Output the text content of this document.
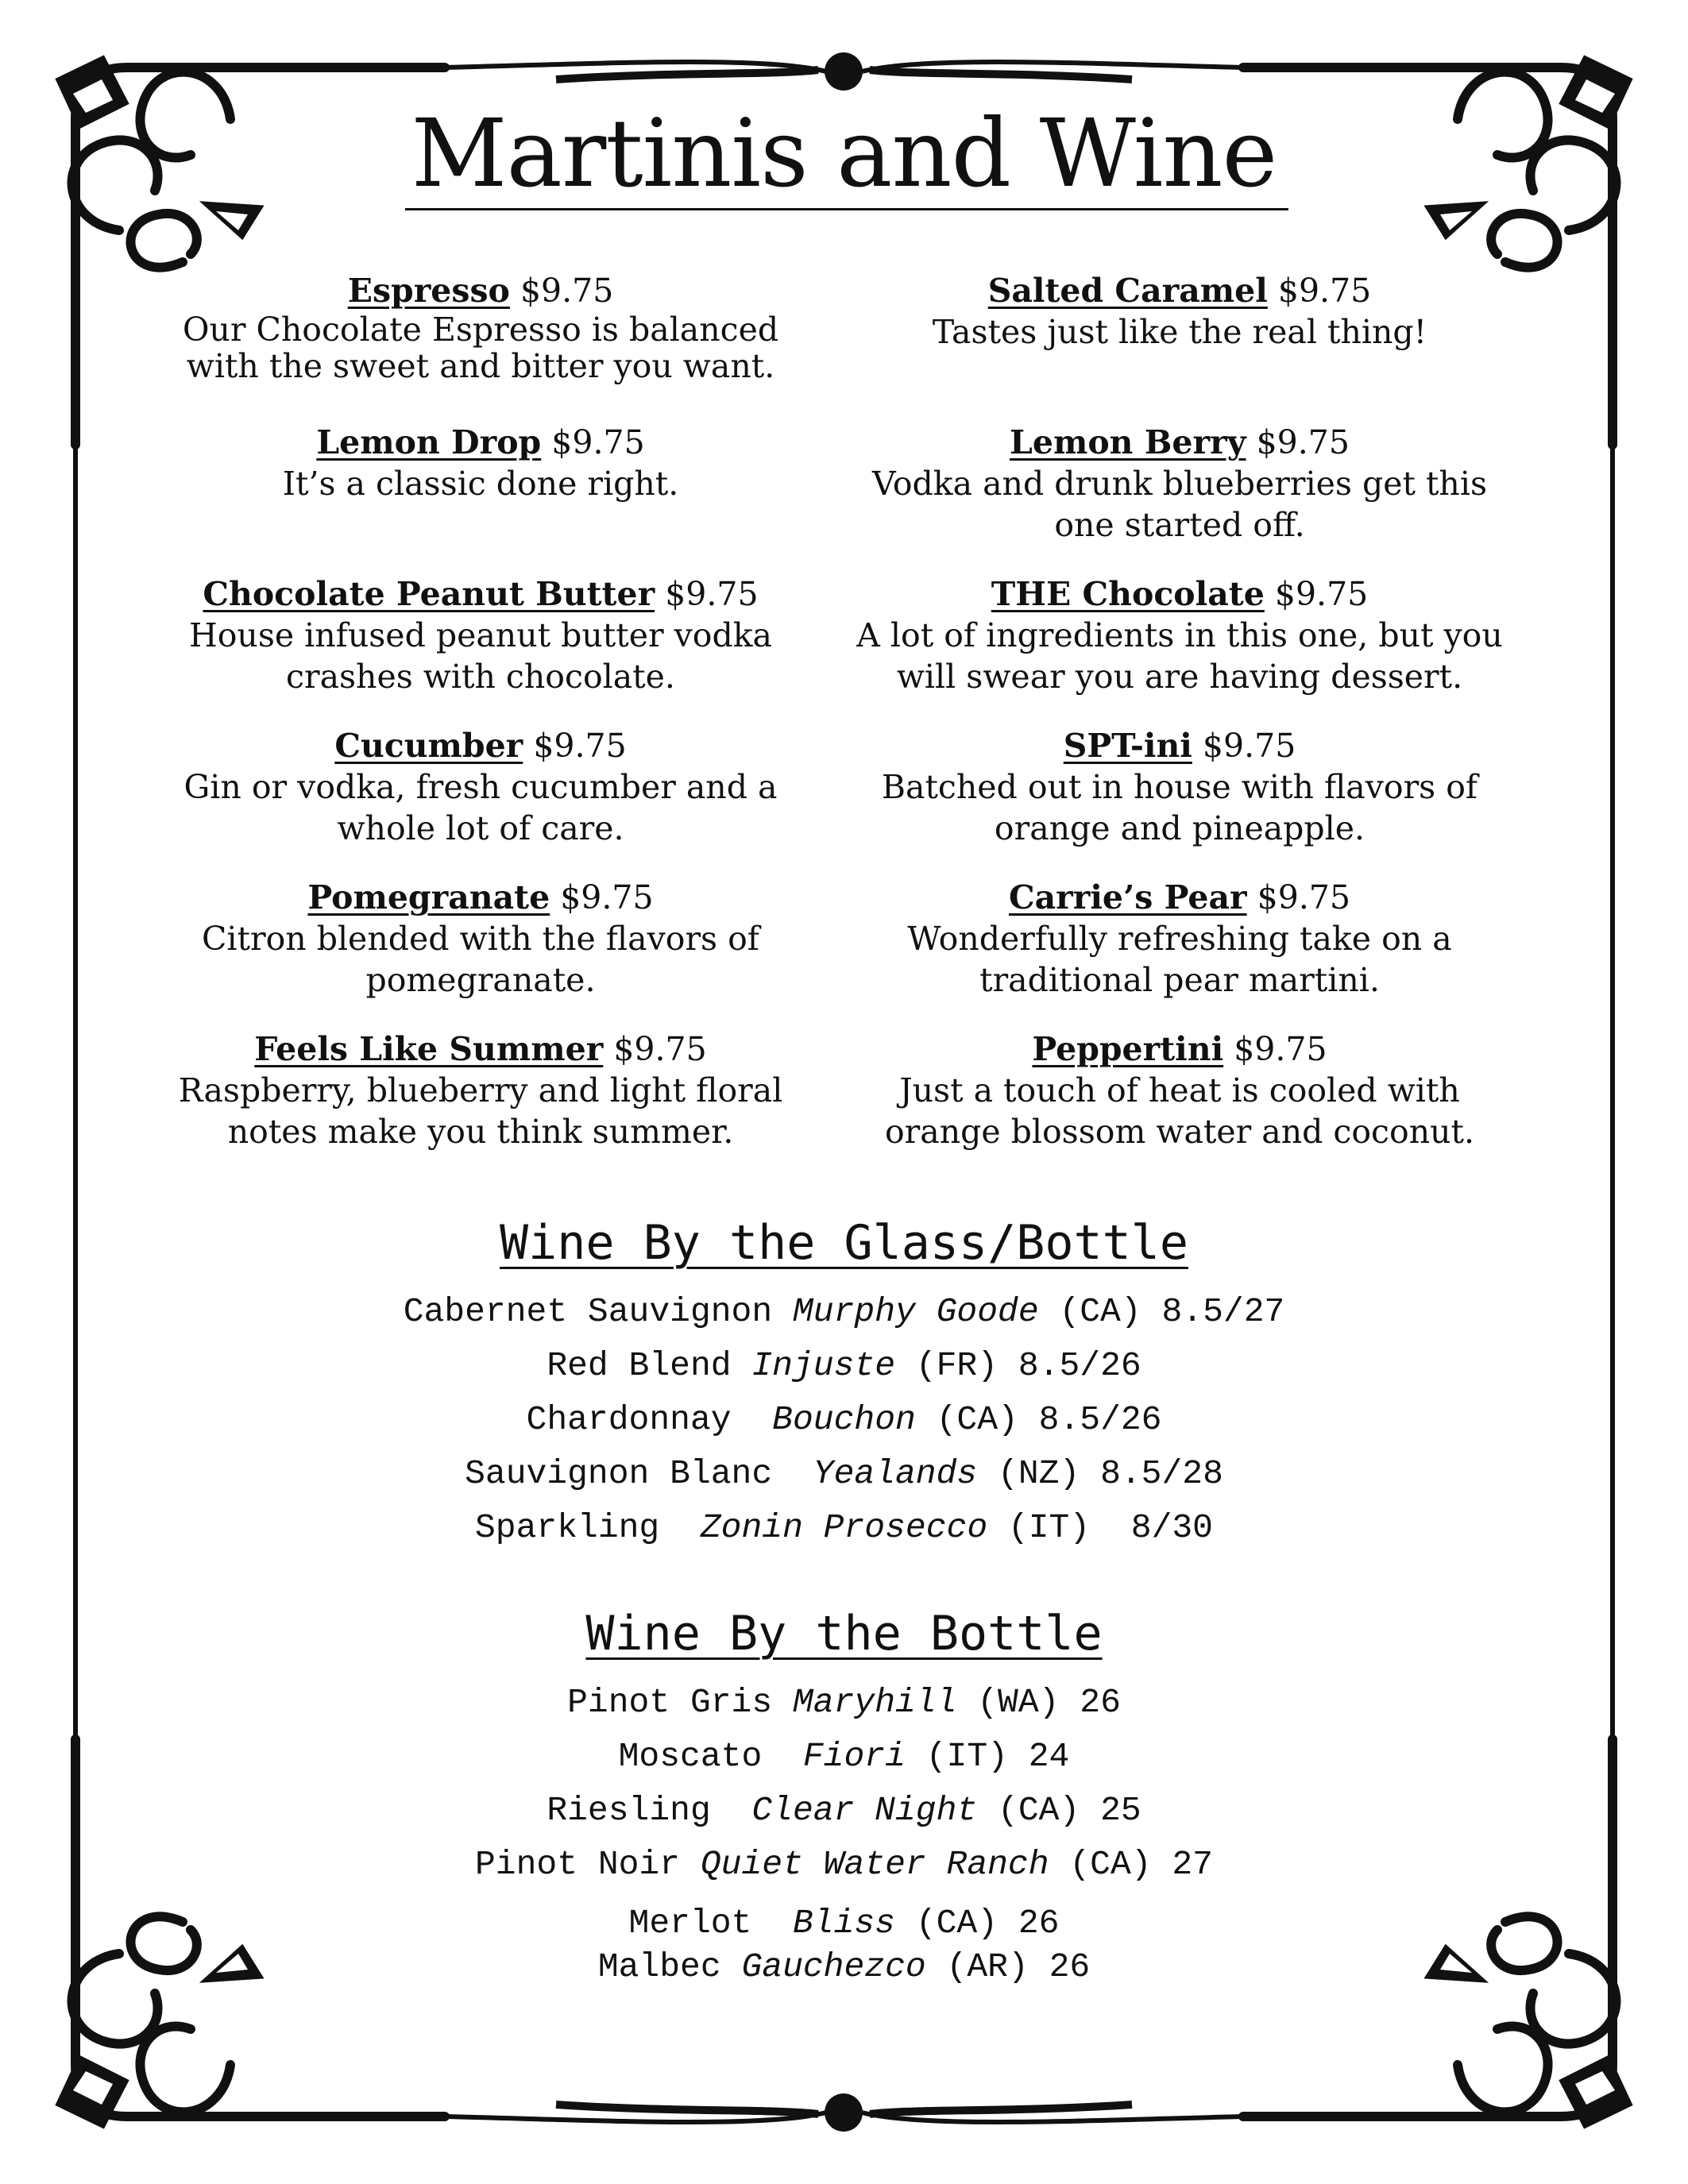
Martinis and Wine
Espresso $9.75
Our Chocolate Espresso is balanced
with the sweet and bitter you want.
Lemon Drop $9.75
It’s a classic done right.
Chocolate Peanut Butter $9.75
House infused peanut butter vodka
crashes with chocolate.
Cucumber $9.75
Gin or vodka, fresh cucumber and a
whole lot of care.
Pomegranate $9.75
Citron blended with the flavors of
pomegranate.
Feels Like Summer $9.75
Raspberry, blueberry and light floral
notes make you think summer.
Salted Caramel $9.75
Tastes just like the real thing!
Lemon Berry $9.75
Vodka and drunk blueberries get this
one started off.
THE Chocolate $9.75
A lot of ingredients in this one, but you
will swear you are having dessert.
SPT-ini $9.75
Batched out in house with flavors of
orange and pineapple.
Carrie’s Pear $9.75
Wonderfully refreshing take on a
traditional pear martini.
Peppertini $9.75
Just a touch of heat is cooled with
orange blossom water and coconut.
Wine By the Glass/Bottle
Cabernet Sauvignon Murphy Goode (CA) 8.5/27
Red Blend Injuste (FR) 8.5/26
Chardonnay Bouchon (CA) 8.5/26
Sauvignon Blanc Yealands (NZ) 8.5/28
Sparkling Zonin Prosecco (IT) 8/30
Wine By the Bottle
Pinot Gris Maryhill (WA) 26
Moscato Fiori (IT) 24
Riesling Clear Night (CA) 25
Pinot Noir Quiet Water Ranch (CA) 27
Merlot Bliss (CA) 26
Malbec Gauchezco (AR) 26
